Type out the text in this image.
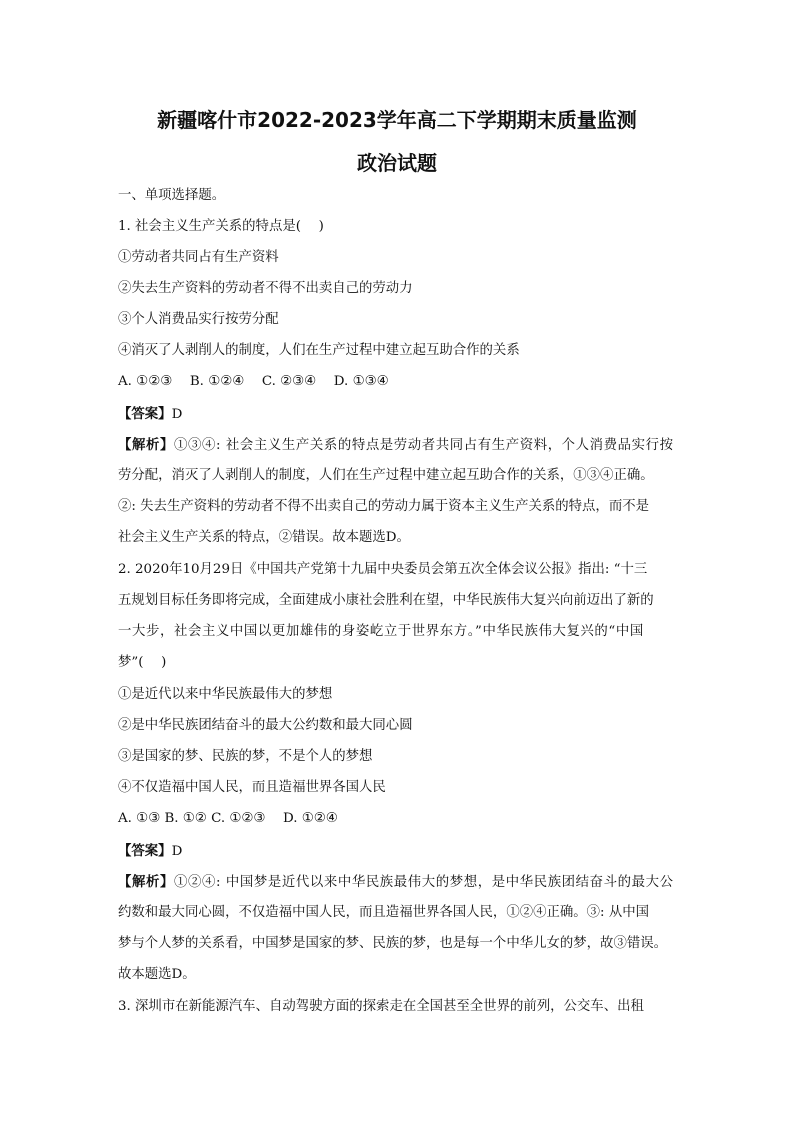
新疆喀什市2022-2023学年高二下学期期末质量监测
政治试题
一、单项选择题。
1. 社会主义生产关系的特点是(　 )
①劳动者共同占有生产资料
②失去生产资料的劳动者不得不出卖自己的劳动力
③个人消费品实行按劳分配
④消灭了人剥削人的制度，人们在生产过程中建立起互助合作的关系
A. ①②③　 B. ①②④　 C. ②③④　 D. ①③④
【答案】D
【解析】①③④: 社会主义生产关系的特点是劳动者共同占有生产资料，个人消费品实行按
劳分配，消灭了人剥削人的制度，人们在生产过程中建立起互助合作的关系，①③④正确。
②: 失去生产资料的劳动者不得不出卖自己的劳动力属于资本主义生产关系的特点，而不是
社会主义生产关系的特点，②错误。故本题选D。
2. 2020年10月29日《中国共产党第十九届中央委员会第五次全体会议公报》指出: “十三
五规划目标任务即将完成，全面建成小康社会胜利在望，中华民族伟大复兴向前迈出了新的
一大步，社会主义中国以更加雄伟的身姿屹立于世界东方。”中华民族伟大复兴的“中国
梦”(　 )
①是近代以来中华民族最伟大的梦想
②是中华民族团结奋斗的最大公约数和最大同心圆
③是国家的梦、民族的梦，不是个人的梦想
④不仅造福中国人民，而且造福世界各国人民
A. ①③ B. ①② C. ①②③　 D. ①②④
【答案】D
【解析】①②④: 中国梦是近代以来中华民族最伟大的梦想，是中华民族团结奋斗的最大公
约数和最大同心圆，不仅造福中国人民，而且造福世界各国人民，①②④正确。③: 从中国
梦与个人梦的关系看，中国梦是国家的梦、民族的梦，也是每一个中华儿女的梦，故③错误。
故本题选D。
3. 深圳市在新能源汽车、自动驾驶方面的探索走在全国甚至全世界的前列，公交车、出租
